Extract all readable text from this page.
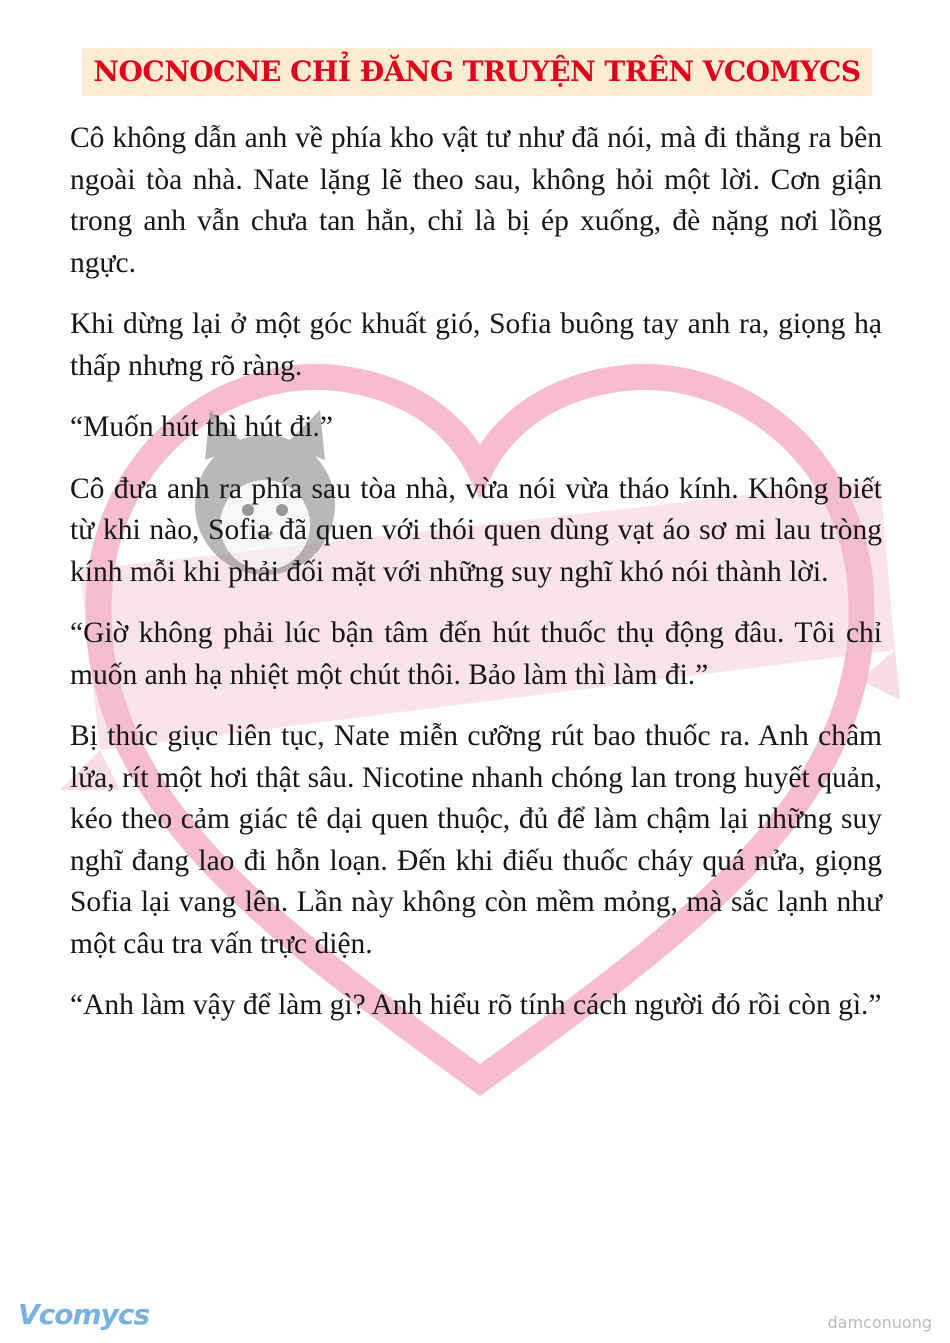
NOCNOCNE CHỈ ĐĂNG TRUYỆN TRÊN VCOMYCS

Cô không dẫn anh về phía kho vật tư như đã nói, mà đi thẳng ra bên ngoài tòa nhà. Nate lặng lẽ theo sau, không hỏi một lời. Cơn giận trong anh vẫn chưa tan hẳn, chỉ là bị ép xuống, đè nặng nơi lồng ngực.

Khi dừng lại ở một góc khuất gió, Sofia buông tay anh ra, giọng hạ thấp nhưng rõ ràng.

“Muốn hút thì hút đi.”

Cô đưa anh ra phía sau tòa nhà, vừa nói vừa tháo kính. Không biết từ khi nào, Sofia đã quen với thói quen dùng vạt áo sơ mi lau tròng kính mỗi khi phải đối mặt với những suy nghĩ khó nói thành lời.

“Giờ không phải lúc bận tâm đến hút thuốc thụ động đâu. Tôi chỉ muốn anh hạ nhiệt một chút thôi. Bảo làm thì làm đi.”

Bị thúc giục liên tục, Nate miễn cưỡng rút bao thuốc ra. Anh châm lửa, rít một hơi thật sâu. Nicotine nhanh chóng lan trong huyết quản, kéo theo cảm giác tê dại quen thuộc, đủ để làm chậm lại những suy nghĩ đang lao đi hỗn loạn. Đến khi điếu thuốc cháy quá nửa, giọng Sofia lại vang lên. Lần này không còn mềm mỏng, mà sắc lạnh như một câu tra vấn trực diện.

“Anh làm vậy để làm gì? Anh hiểu rõ tính cách người đó rồi còn gì.”

Vcomycs	damconuong
